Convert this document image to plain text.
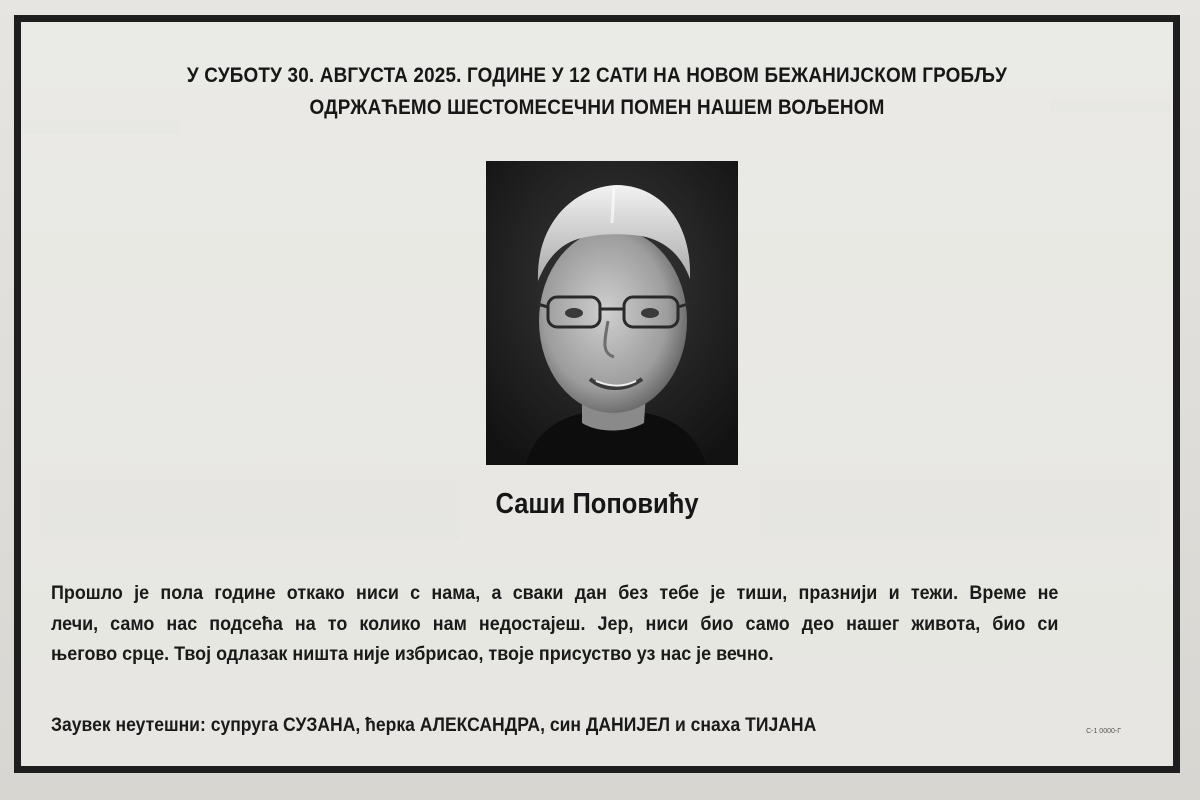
У СУБОТУ 30. АВГУСТА 2025. ГОДИНЕ У 12 САТИ НА НОВОМ БЕЖАНИЈСКОМ ГРОБЉУ
ОДРЖАЋЕМО ШЕСТОМЕСЕЧНИ ПОМЕН НАШЕМ ВОЉЕНОМ
Саши Поповићу
Прошло је пола године откако ниси с нама, а сваки дан без тебе је тиши, празнији и тежи. Време не
лечи, само нас подсећа на то колико нам недостајеш. Јер, ниси био само део нашег живота, био си
његово срце. Твој одлазак ништа није избрисао, твоје присуство уз нас је вечно.
Заувек неутешни: супруга СУЗАНА, ћерка АЛЕКСАНДРА, син ДАНИЈЕЛ и снаха ТИЈАНА	С-1 0000-Г
